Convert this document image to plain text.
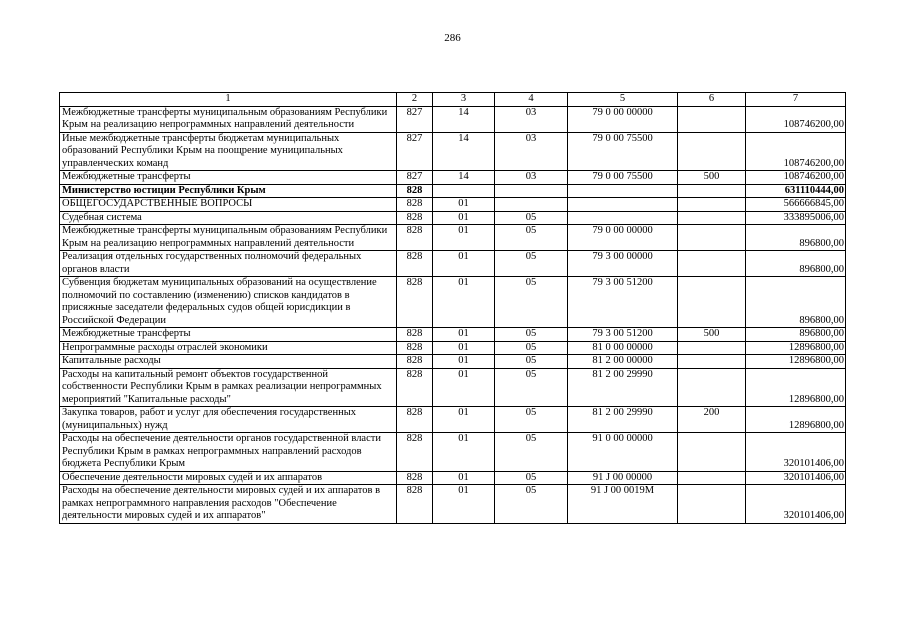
286
1	2	3	4	5	6	7
Межбюджетные трансферты муниципальным образованиям Республики Крым на реализацию непрограммных направлений деятельности	827	14	03	79 0 00 00000		108746200,00
Иные межбюджетные трансферты бюджетам муниципальных образований Республики Крым на поощрение муниципальных управленческих команд	827	14	03	79 0 00 75500		108746200,00
Межбюджетные трансферты	827	14	03	79 0 00 75500	500	108746200,00
Министерство юстиции Республики Крым	828					631110444,00
ОБЩЕГОСУДАРСТВЕННЫЕ ВОПРОСЫ	828	01				566666845,00
Судебная система	828	01	05			333895006,00
Межбюджетные трансферты муниципальным образованиям Республики Крым на реализацию непрограммных направлений деятельности	828	01	05	79 0 00 00000		896800,00
Реализация отдельных государственных полномочий федеральных органов власти	828	01	05	79 3 00 00000		896800,00
Субвенция бюджетам муниципальных образований на осуществление полномочий по составлению (изменению) списков кандидатов в присяжные заседатели федеральных судов общей юрисдикции в Российской Федерации	828	01	05	79 3 00 51200		896800,00
Межбюджетные трансферты	828	01	05	79 3 00 51200	500	896800,00
Непрограммные расходы отраслей экономики	828	01	05	81 0 00 00000		12896800,00
Капитальные расходы	828	01	05	81 2 00 00000		12896800,00
Расходы на капитальный ремонт объектов государственной собственности Республики Крым в рамках реализации непрограммных мероприятий "Капитальные расходы"	828	01	05	81 2 00 29990		12896800,00
Закупка товаров, работ и услуг для обеспечения государственных (муниципальных) нужд	828	01	05	81 2 00 29990	200	12896800,00
Расходы на обеспечение деятельности органов государственной власти Республики Крым в рамках непрограммных направлений расходов бюджета Республики Крым	828	01	05	91 0 00 00000		320101406,00
Обеспечение деятельности мировых судей и их аппаратов	828	01	05	91 J 00 00000		320101406,00
Расходы на обеспечение деятельности мировых судей и их аппаратов в рамках непрограммного направления расходов "Обеспечение деятельности мировых судей и их аппаратов"	828	01	05	91 J 00 0019M		320101406,00
